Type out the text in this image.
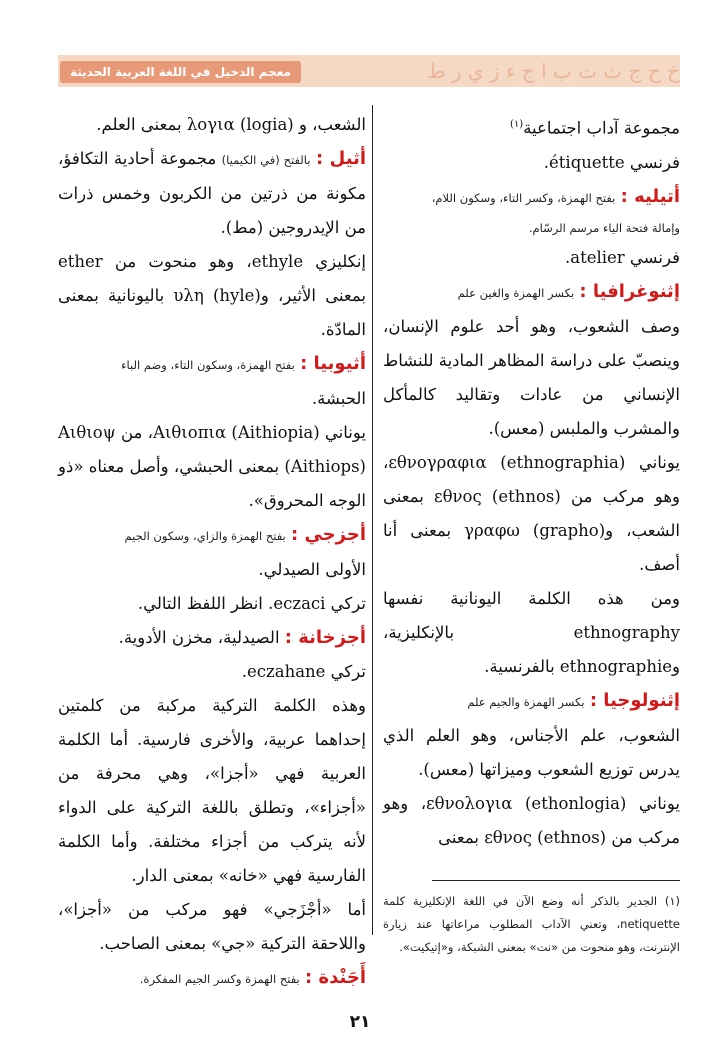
خ ح ج ث ت ب ا ج ء ز ي ر ط
معجم الدخيل في اللغة العربية الحديثة

مجموعة آداب اجتماعية$^{(١)}$

فرنسي étiquette.

أتيليه : بفتح الهمزة، وكسر التاء، وسكون اللام،

وإمالة فتحة الياء مرسم الرسّام.

فرنسي atelier.

إثنوغرافيا : بكسر الهمزة والغين علم

وصف الشعوب، وهو أحد علوم الإنسان، وينصبّ على دراسة المظاهر المادية للنشاط الإنساني من عادات وتقاليد كالمأكل والمشرب والملبس (معس).

يوناني εθνογραφια (ethnographia)، وهو مركب من εθνος (ethnos) بمعنى الشعب، وγραφω (grapho) بمعنى أنا أصف.

ومن هذه الكلمة اليونانية نفسها ethnography بالإنكليزية، وethnographie بالفرنسية.

إثنولوجيا : بكسر الهمزة والجيم علم

الشعوب، علم الأجناس، وهو العلم الذي يدرس توزيع الشعوب وميزاتها (معس).

يوناني εθνολογια (ethonlogia)، وهو مركب من εθνος (ethnos) بمعنى

الشعب، و λογια (logia) بمعنى العلم.

أثيل : بالفتح (في الكيميا) مجموعة أحادية التكافؤ، مكونة من ذرتين من الكربون وخمس ذرات من الإيدروجين (مط).

إنكليزي ethyle، وهو منحوت من ether بمعنى الأثير، وυλη (hyle) باليونانية بمعنى المادّة.

أثيوبيا : بفتح الهمزة، وسكون التاء، وضم الباء

الحبشة.

يوناني Αιθιοπια (Aithiopia)، من Αιθιοψ (Aithiops) بمعنى الحبشي، وأصل معناه «ذو الوجه المحروق».

أجزجي : بفتح الهمزة والزاي، وسكون الجيم

الأولى الصيدلي.

تركي eczaci. انظر اللفظ التالي.

أجزخانة : الصيدلية، مخزن الأدوية.

تركي eczahane.

وهذه الكلمة التركية مركبة من كلمتين إحداهما عربية، والأخرى فارسية. أما الكلمة العربية فهي «أجزا»، وهي محرفة من «أجزاء»، وتطلق باللغة التركية على الدواء لأنه يتركب من أجزاء مختلفة. وأما الكلمة الفارسية فهي «خانه» بمعنى الدار.

أما «أجْزَجي» فهو مركب من «أجزا»، واللاحقة التركية «جي» بمعنى الصاحب.

أَجَنْدة : بفتح الهمزة وكسر الجيم المفكرة.

(١) الجدير بالذكر أنه وضع الآن في اللغة الإنكليزية كلمة netiquette، وتعني الآداب المطلوب مراعاتها عند زيارة الإنترنت، وهو منحوت من «نت» بمعنى الشبكة، و«إتيكيت».

٢١
